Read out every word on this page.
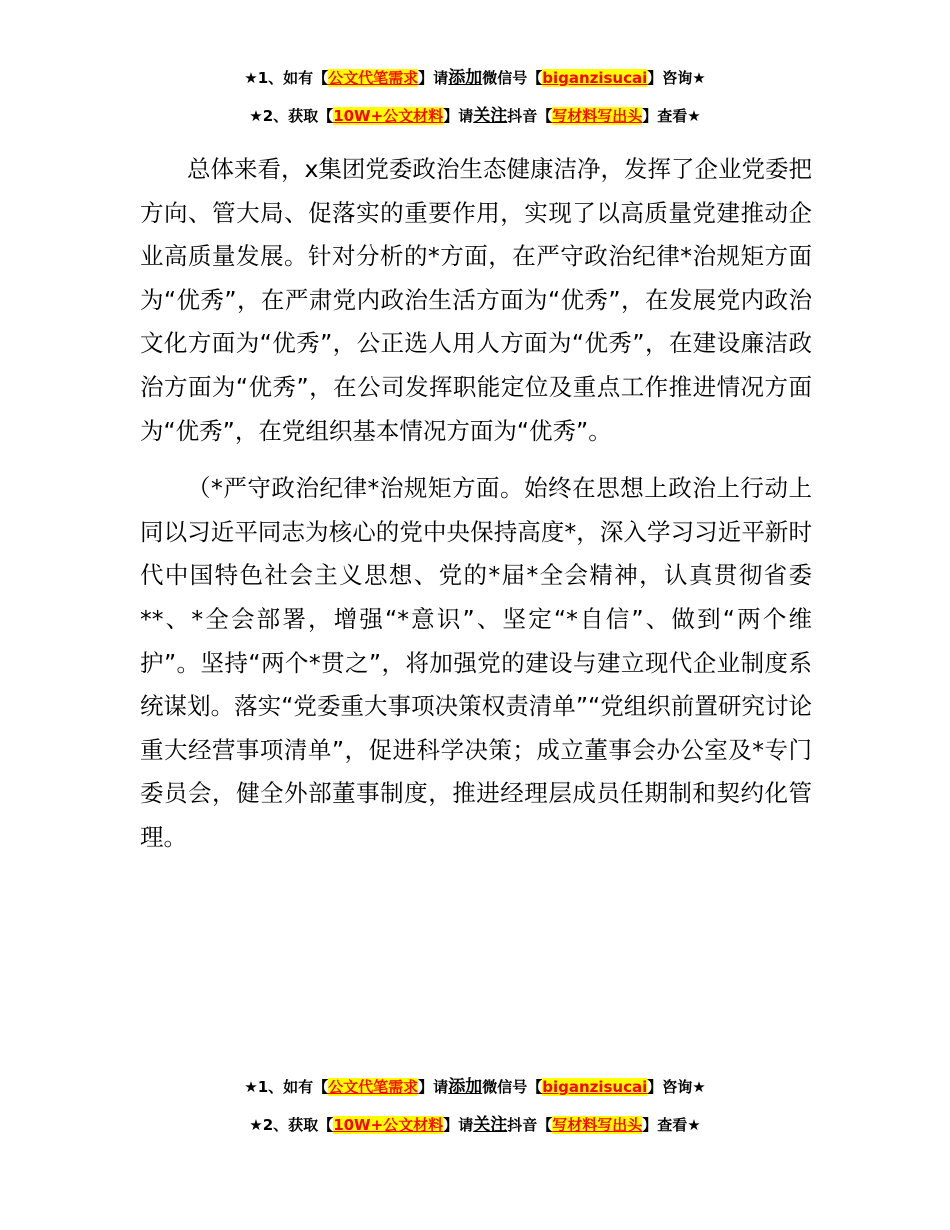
★1、如有【公文代笔需求】请添加微信号【biganzisucai】咨询★
★2、获取【10W+公文材料】请关注抖音【写材料写出头】查看★

总体来看，x集团党委政治生态健康洁净，发挥了企业党委把方向、管大局、促落实的重要作用，实现了以高质量党建推动企业高质量发展。针对分析的*方面，在严守政治纪律*治规矩方面为“优秀”，在严肃党内政治生活方面为“优秀”，在发展党内政治文化方面为“优秀”，公正选人用人方面为“优秀”，在建设廉洁政治方面为“优秀”，在公司发挥职能定位及重点工作推进情况方面为“优秀”，在党组织基本情况方面为“优秀”。

（*严守政治纪律*治规矩方面。始终在思想上政治上行动上同以习近平同志为核心的党中央保持高度*，深入学习习近平新时代中国特色社会主义思想、党的*届*全会精神，认真贯彻省委**、*全会部署，增强“*意识”、坚定“*自信”、做到“两个维护”。坚持“两个*贯之”，将加强党的建设与建立现代企业制度系统谋划。落实“党委重大事项决策权责清单”“党组织前置研究讨论重大经营事项清单”，促进科学决策；成立董事会办公室及*专门委员会，健全外部董事制度，推进经理层成员任期制和契约化管理。

★1、如有【公文代笔需求】请添加微信号【biganzisucai】咨询★
★2、获取【10W+公文材料】请关注抖音【写材料写出头】查看★
